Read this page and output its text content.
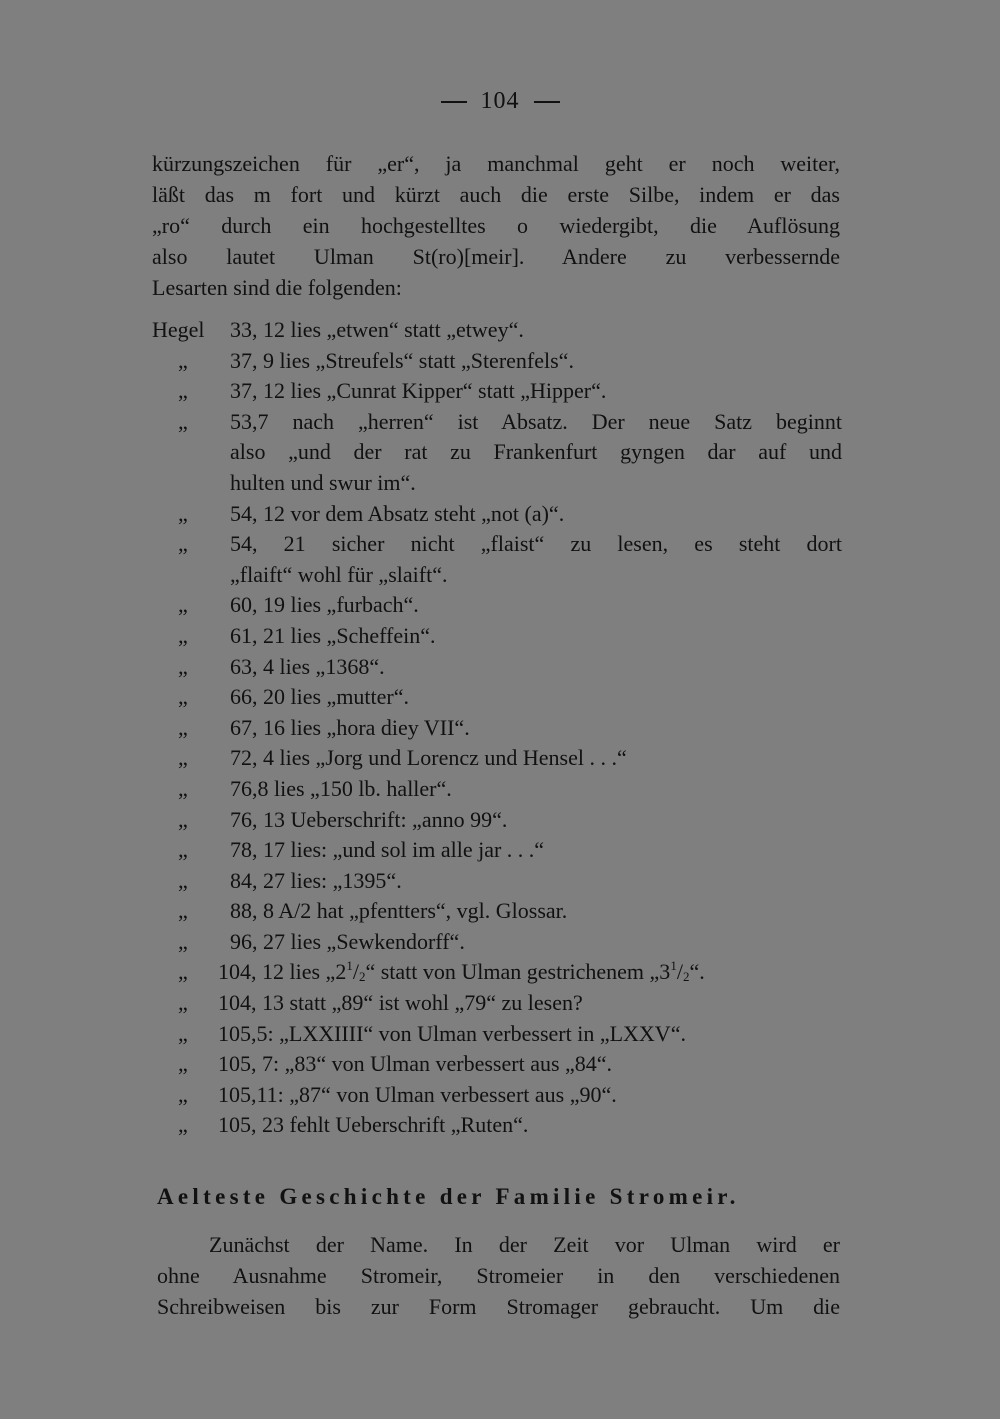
104
kürzungszeichen für „er“, ja manchmal geht er noch weiter,
läßt das m fort und kürzt auch die erste Silbe, indem er das
„ro“ durch ein hochgestelltes o wiedergibt, die Auflösung
also lautet Ulman St(ro)[meir]. Andere zu verbessernde
Lesarten sind die folgenden:
Hegel 33, 12 lies „etwen“ statt „etwey“.
„ 37, 9 lies „Streufels“ statt „Sterenfels“.
„ 37, 12 lies „Cunrat Kipper“ statt „Hipper“.
„ 53,7 nach „herren“ ist Absatz. Der neue Satz beginnt
also „und der rat zu Frankenfurt gyngen dar auf und
hulten und swur im“.
„ 54, 12 vor dem Absatz steht „not (a)“.
„ 54, 21 sicher nicht „flaist“ zu lesen, es steht dort
„flaift“ wohl für „slaift“.
„ 60, 19 lies „furbach“.
„ 61, 21 lies „Scheffein“.
„ 63, 4 lies „1368“.
„ 66, 20 lies „mutter“.
„ 67, 16 lies „hora diey VII“.
„ 72, 4 lies „Jorg und Lorencz und Hensel . . .“
„ 76,8 lies „150 lb. haller“.
„ 76, 13 Ueberschrift: „anno 99“.
„ 78, 17 lies: „und sol im alle jar . . .“
„ 84, 27 lies: „1395“.
„ 88, 8 A/2 hat „pfentters“, vgl. Glossar.
„ 96, 27 lies „Sewkendorff“.
„ 104, 12 lies $„2^1/_2“$ statt von Ulman gestrichenem $„3^1/_2“$.
„ 104, 13 statt „89“ ist wohl „79“ zu lesen?
„ 105,5: „LXXIIII“ von Ulman verbessert in „LXXV“.
„ 105, 7: „83“ von Ulman verbessert aus „84“.
„ 105,11: „87“ von Ulman verbessert aus „90“.
„ 105, 23 fehlt Ueberschrift „Ruten“.
Aelteste Geschichte der Familie Stromeir.
Zunächst der Name. In der Zeit vor Ulman wird er
ohne Ausnahme Stromeir, Stromeier in den verschiedenen
Schreibweisen bis zur Form Stromager gebraucht. Um die
